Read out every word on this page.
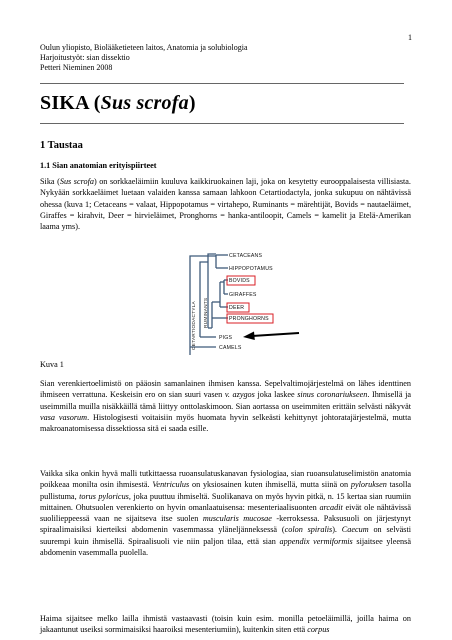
1
Oulun yliopisto, Biolääketieteen laitos, Anatomia ja solubiologia
Harjoitustyöt: sian dissektio
Petteri Nieminen 2008
SIKA (Sus scrofa)
1 Taustaa
1.1 Sian anatomian erityispiirteet

Sika (Sus scrofa) on sorkkaeläimiin kuuluva kaikkiruokainen laji, joka on kesytetty eurooppalaisesta villisiasta. Nykyään sorkkaeläimet luetaan valaiden kanssa samaan lahkoon Cetartiodactyla, jonka sukupuu on nähtävissä ohessa (kuva 1; Cetaceans = valaat, Hippopotamus = virtahepo, Ruminants = märehtijät, Bovids = nautaeläimet, Giraffes = kirahvit, Deer = hirvieläimet, Pronghorns = hanka-antiloopit, Camels = kamelit ja Etelä-Amerikan laama yms).

CETACEANS
HIPPOPOTAMUS
BOVIDS
GIRAFFES
DEER
PRONGHORNS
PIGS
CAMELS
CETARTIODACTYLA RUMINANTS
Kuva 1

Sian verenkiertoelimistö on pääosin samanlainen ihmisen kanssa. Sepelvaltimojärjestelmä on lähes identtinen ihmiseen verrattuna. Keskeisin ero on sian suuri vasen v. azygos joka laskee sinus coronariukseen. Ihmisellä ja useimmilla muilla nisäkkäillä tämä liittyy onttolaskimoon. Sian aortassa on useimmiten erittäin selvästi näkyvät vasa vasorum. Histologisesti voitaisiin myös huomata hyvin selkeästi kehittynyt johtoratajärjestelmä, mutta makroanatomisessa dissektiossa sitä ei saada esille.

Vaikka sika onkin hyvä malli tutkittaessa ruoansulatuskanavan fysiologiaa, sian ruoansulatuselimistön anatomia poikkeaa monilta osin ihmisestä. Ventriculus on yksiosainen kuten ihmisellä, mutta siinä on pyloruksen tasolla pullistuma, torus pyloricus, joka puuttuu ihmiseltä. Suolikanava on myös hyvin pitkä, n. 15 kertaa sian ruumiin mittainen. Ohutsuolen verenkierto on hyvin omanlaatuisensa: mesenteriaalisuonten arcadit eivät ole nähtävissä suolilieppeessä vaan ne sijaitseva itse suolen muscularis mucosae -kerroksessa. Paksusuoli on järjestynyt spiraalimaisiksi kierteiksi abdomenin vasemmassa yläneljänneksessä (colon spiralis). Caecum on selvästi suurempi kuin ihmisellä. Spiraalisuoli vie niin paljon tilaa, että sian appendix vermiformis sijaitsee yleensä abdomenin vasemmalla puolella.

Haima sijaitsee melko lailla ihmistä vastaavasti (toisin kuin esim. monilla petoeläimillä, joilla haima on jakaantunut useiksi sormimaisiksi haaroiksi mesenteriumiin), kuitenkin siten että corpus
